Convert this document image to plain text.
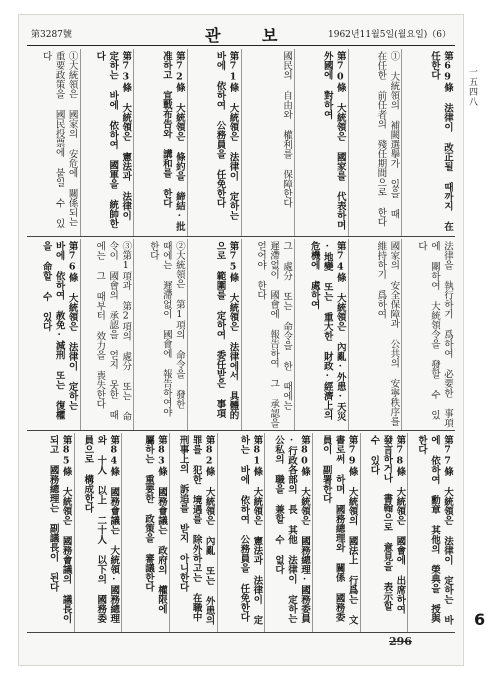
第3287號	관 보	1962년11월5일(월요일)（6）
第69條 法律이 改正될 때까지 在任한다
① 大統領의 補闕選擧가 있을 때 在任한 前任者의 殘任期間으로 한다
第70條 大統領은 國家를 代表하며 外國에 對하여
國民의 自由와 權利를 保障한다
第71條 大統領은 法律이 定하는 바에 依하여 公務員을 任免한다
第72條 大統領은 條約을 締結·批准하고 宣戰布告와 講和를 한다
第73條 大統領은 憲法과 法律이 定하는 바에 依하여 國軍을 統帥한다
①大統領은 國家의 安危에 關係되는 重要政策을 國民投票에 붙일 수 있다
法律을 執行하기 爲하여 必要한 事項에 關하여 大統領令을 發할 수 있다
國家의 安全保障과 公共의 安寧秩序를 維持하기 爲하여
第74條 大統領은 內亂·外患·天災·地變 또는 重大한 財政·經濟上의 危機에 處하여
그 處分 또는 命令을 한 때에는 遲滯없이 國會에 報告하여 그 承認을 얻어야 한다
第75條 大統領은 法律에서 具體的으로 範圍를 定하여 委任받은 事項
②大統領은 第1項의 命令을 發한 때에는 遲滯없이 國會에 報告하여야 한다
③第1項과 第2項의 處分 또는 命令이 國會의 承認을 얻지 못한 때에는 그 때부터 效力을 喪失한다
第76條 大統領은 法律이 定하는 바에 依하여 赦免·減刑 또는 復權을 命할 수 있다
第77條 大統領은 法律이 定하는 바에 依하여 勳章 其他의 榮典을 授與한다
第78條 大統領은 國會에 出席하여 發言하거나 書翰으로 意見을 表示할 수 있다
第79條 大統領의 國法上 行爲는 文書로써 하며 國務總理와 關係 國務委員이 副署한다
第80條 大統領은 國務總理·國務委員·行政各部의 長 其他 法律이 定하는 公私의 職을 兼할 수 없다
第81條 大統領은 憲法과 法律이 定하는 바에 依하여 公務員을 任免한다
第82條 大統領은 內亂 또는 外患의 罪를 犯한 境遇를 除外하고는 在職中 刑事上의 訴追를 받지 아니한다
第83條 國務會議는 政府의 權限에 屬하는 重要한 政策을 審議한다
第84條 國務會議는 大統領·國務總理와 十人 以上 二十人 以下의 國務委員으로 構成한다
第85條 大統領은 國務會議의 議長이 되고 國務總理는 副議長이 된다
一五四八
296
6
